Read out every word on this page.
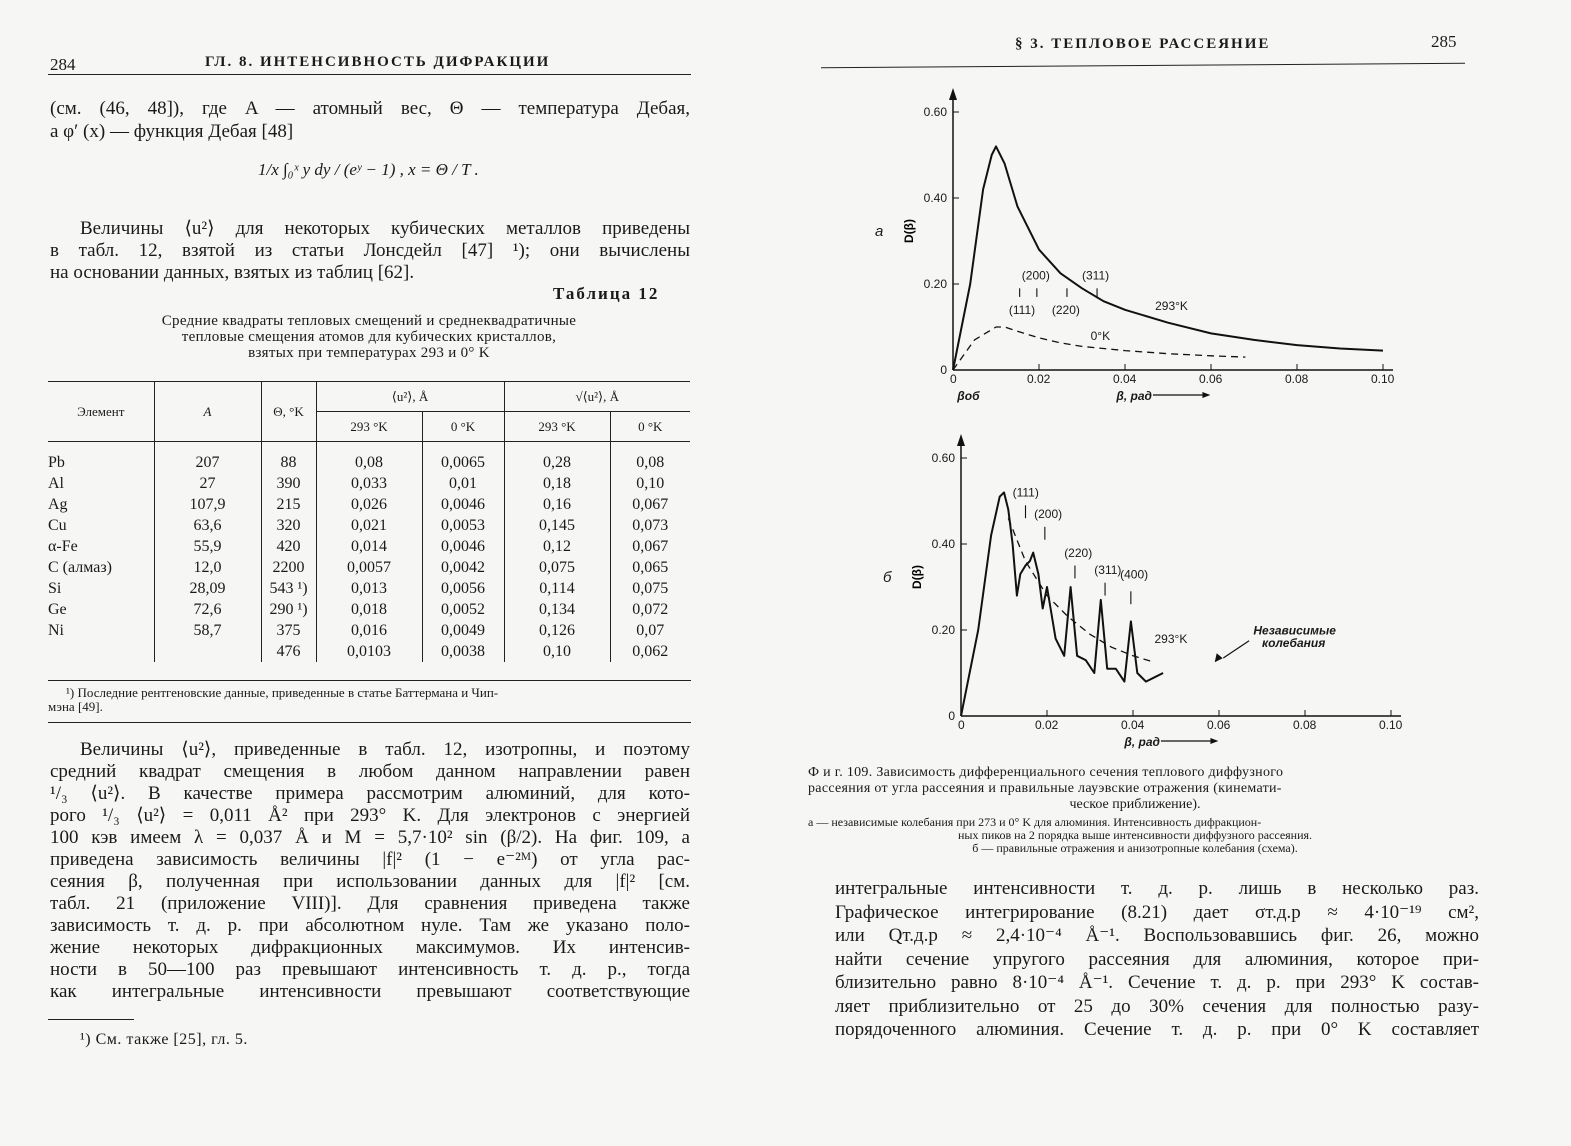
284	ГЛ. 8. ИНТЕНСИВНОСТЬ ДИФРАКЦИИ
(см. (46, 48]), где A — атомный вес, Θ — температура Дебая,
а φ′ (x) — функция Дебая [48]
1/x ∫₀ˣ y dy / (eʸ − 1) , x = Θ / T .
Величины ⟨u²⟩ для некоторых кубических металлов приведены
в табл. 12, взятой из статьи Лонсдейл [47] ¹); они вычислены
на основании данных, взятых из таблиц [62].
Таблица 12
Средние квадраты тепловых смещений и среднеквадратичные
тепловые смещения атомов для кубических кристаллов,
взятых при температурах 293 и 0° K
Элемент	A	Θ, °K	⟨u²⟩, Å		√⟨u²⟩, Å	
			293 °K	0 °K	293 °K	0 °K
Pb	207	88	0,08	0,0065	0,28	0,08
Al	27	390	0,033	0,01	0,18	0,10
Ag	107,9	215	0,026	0,0046	0,16	0,067
Cu	63,6	320	0,021	0,0053	0,145	0,073
α-Fe	55,9	420	0,014	0,0046	0,12	0,067
C (алмаз)	12,0	2200	0,0057	0,0042	0,075	0,065
Si	28,09	543 ¹)	0,013	0,0056	0,114	0,075
Ge	72,6	290 ¹)	0,018	0,0052	0,134	0,072
Ni	58,7	375	0,016	0,0049	0,126	0,07
		476	0,0103	0,0038	0,10	0,062
¹) Последние рентгеновские данные, приведенные в статье Баттермана и Чип-
мэна [49].
Величины ⟨u²⟩, приведенные в табл. 12, изотропны, и поэтому
средний квадрат смещения в любом данном направлении равен
¹/₃ ⟨u²⟩. В качестве примера рассмотрим алюминий, для кото-
рого ¹/₃ ⟨u²⟩ = 0,011 Å² при 293° K. Для электронов с энергией
100 кэв имеем λ = 0,037 Å и M = 5,7·10² sin (β/2). На фиг. 109, а
приведена зависимость величины |f|² (1 − e⁻²ᴹ) от угла рас-
сеяния β, полученная при использовании данных для |f|² [см.
табл. 21 (приложение VIII)]. Для сравнения приведена также
зависимость т. д. р. при абсолютном нуле. Там же указано поло-
жение некоторых дифракционных максимумов. Их интенсив-
ности в 50—100 раз превышают интенсивность т. д. р., тогда
как интегральные интенсивности превышают соответствующие
¹) См. также [25], гл. 5.
§ 3. ТЕПЛОВОЕ РАССЕЯНИЕ	285
0	0.02	0.04	0.06	0.08	0.10
0
0.20
0.40
0.60
D(β)
β, рад
а
βоб
293°K
0°K
(200)	(311)
(111) (220)
0	0.02	0.04	0.06	0.08	0.10
0
0.20
0.40
0.60
D(β)
β, рад
б
(111)
(200)
(220)
(311)
(400)
293°K
Независимые
колебания
Ф и г. 109. Зависимость дифференциального сечения теплового диффузного
рассеяния от угла рассеяния и правильные лауэвские отражения (кинемати-
ческое приближение).
а — независимые колебания при 273 и 0° K для алюминия. Интенсивность дифракцион-
ных пиков на 2 порядка выше интенсивности диффузного рассеяния.
б — правильные отражения и анизотропные колебания (схема).
интегральные интенсивности т. д. р. лишь в несколько раз.
Графическое интегрирование (8.21) дает σт.д.р ≈ 4·10⁻¹⁹ см²,
или Qт.д.р ≈ 2,4·10⁻⁴ Å⁻¹. Воспользовавшись фиг. 26, можно
найти сечение упругого рассеяния для алюминия, которое при-
близительно равно 8·10⁻⁴ Å⁻¹. Сечение т. д. р. при 293° K состав-
ляет приблизительно от 25 до 30% сечения для полностью разу-
порядоченного алюминия. Сечение т. д. р. при 0° K составляет
